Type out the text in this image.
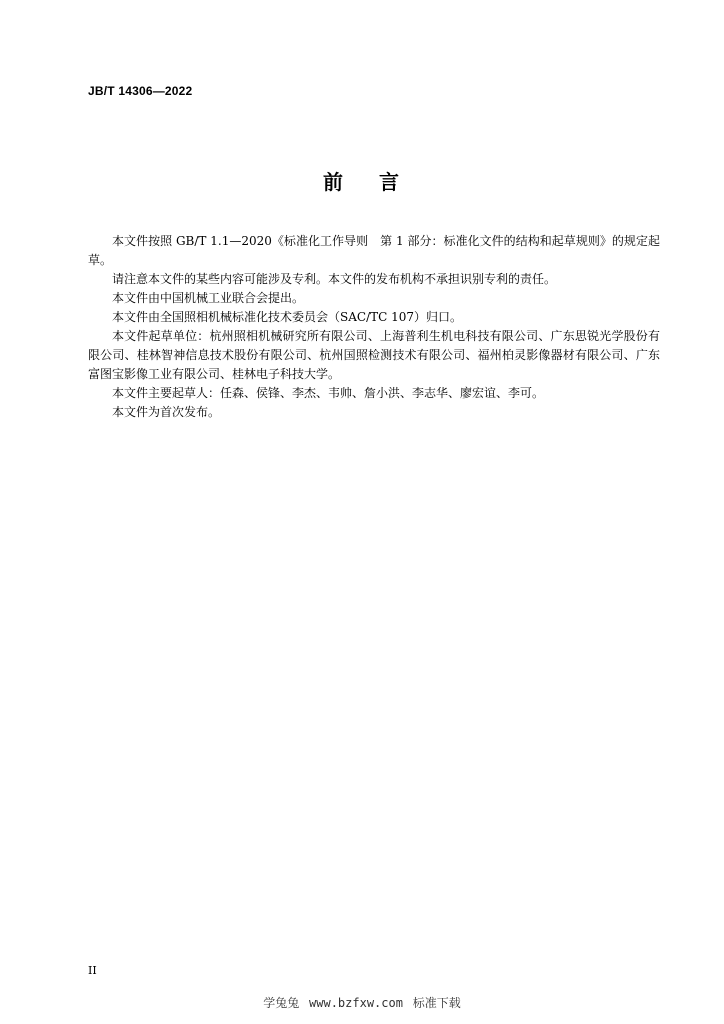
JB/T 14306—2022
前 言

本文件按照 GB/T 1.1—2020《标准化工作导则　第 1 部分：标准化文件的结构和起草规则》的规定起草。

请注意本文件的某些内容可能涉及专利。本文件的发布机构不承担识别专利的责任。

本文件由中国机械工业联合会提出。

本文件由全国照相机械标准化技术委员会（SAC/TC 107）归口。

本文件起草单位：杭州照相机械研究所有限公司、上海普利生机电科技有限公司、广东思锐光学股份有限公司、桂林智神信息技术股份有限公司、杭州国照检测技术有限公司、福州柏灵影像器材有限公司、广东富图宝影像工业有限公司、桂林电子科技大学。

本文件主要起草人：任森、侯锋、李杰、韦帅、詹小洪、李志华、廖宏谊、李可。

本文件为首次发布。

II
学兔兔 www.bzfxw.com 标准下载
